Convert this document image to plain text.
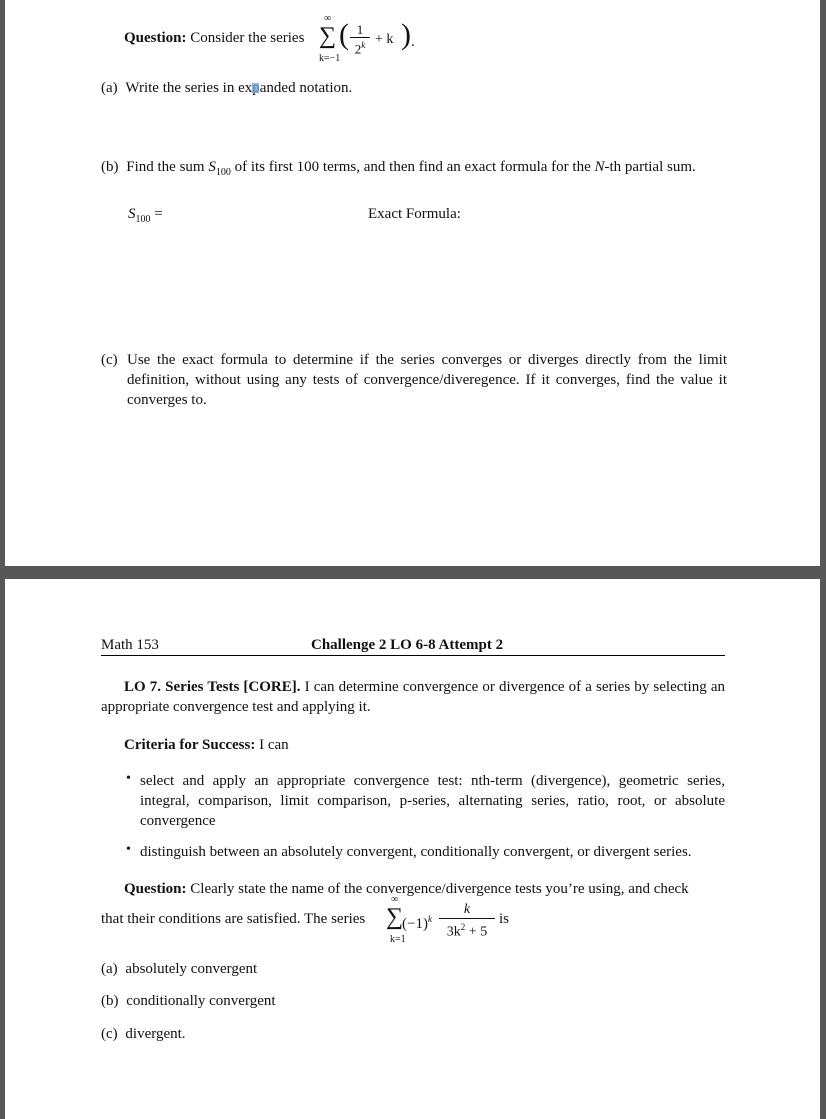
Question: Consider the series
∞
∑
k=−1
( $\frac{1}{2^k} + k$ ) .
(a) Write the series in ex anded notation.
(b) Find the sum $S_{100}$ of its first 100 terms, and then find an exact formula for the N-th partial sum.
$S_{100}$ =	Exact Formula:
(c) Use the exact formula to determine if the series converges or diverges directly from the limit definition, without using any tests of convergence/diveregence. If it converges, find the value it converges to.
Math 153	Challenge 2 LO 6-8 Attempt 2
LO 7. Series Tests [CORE]. I can determine convergence or divergence of a series by selecting an appropriate convergence test and applying it.
Criteria for Success: I can
• select and apply an appropriate convergence test: nth-term (divergence), geometric series, integral, comparison, limit comparison, p-series, alternating series, ratio, root, or absolute convergence
• distinguish between an absolutely convergent, conditionally convergent, or divergent series.
Question: Clearly state the name of the convergence/divergence tests you’re using, and check
that their conditions are satisfied. The series
∞
∑
k=1
$(-1)^k \frac{k}{3k^2 + 5}$ is
(a) absolutely convergent
(b) conditionally convergent
(c) divergent.
